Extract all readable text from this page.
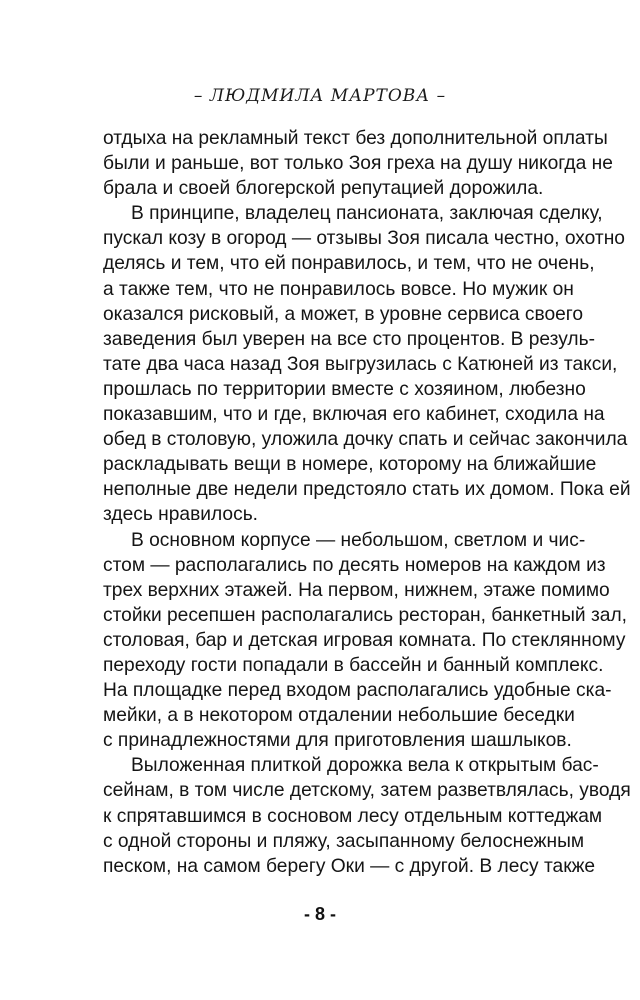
– ЛЮДМИЛА МАРТОВА –
отдыха на рекламный текст без дополнительной оплаты
были и раньше, вот только Зоя греха на душу никогда не
брала и своей блогерской репутацией дорожила.
В принципе, владелец пансионата, заключая сделку,
пускал козу в огород — отзывы Зоя писала честно, охотно
делясь и тем, что ей понравилось, и тем, что не очень,
а также тем, что не понравилось вовсе. Но мужик он
оказался рисковый, а может, в уровне сервиса своего
заведения был уверен на все сто процентов. В резуль-
тате два часа назад Зоя выгрузилась с Катюней из такси,
прошлась по территории вместе с хозяином, любезно
показавшим, что и где, включая его кабинет, сходила на
обед в столовую, уложила дочку спать и сейчас закончила
раскладывать вещи в номере, которому на ближайшие
неполные две недели предстояло стать их домом. Пока ей
здесь нравилось.
В основном корпусе — небольшом, светлом и чис-
стом — располагались по десять номеров на каждом из
трех верхних этажей. На первом, нижнем, этаже помимо
стойки ресепшен располагались ресторан, банкетный зал,
столовая, бар и детская игровая комната. По стеклянному
переходу гости попадали в бассейн и банный комплекс.
На площадке перед входом располагались удобные ска-
мейки, а в некотором отдалении небольшие беседки
с принадлежностями для приготовления шашлыков.
Выложенная плиткой дорожка вела к открытым бас-
сейнам, в том числе детскому, затем разветвлялась, уводя
к спрятавшимся в сосновом лесу отдельным коттеджам
с одной стороны и пляжу, засыпанному белоснежным
песком, на самом берегу Оки — с другой. В лесу также
- 8 -
